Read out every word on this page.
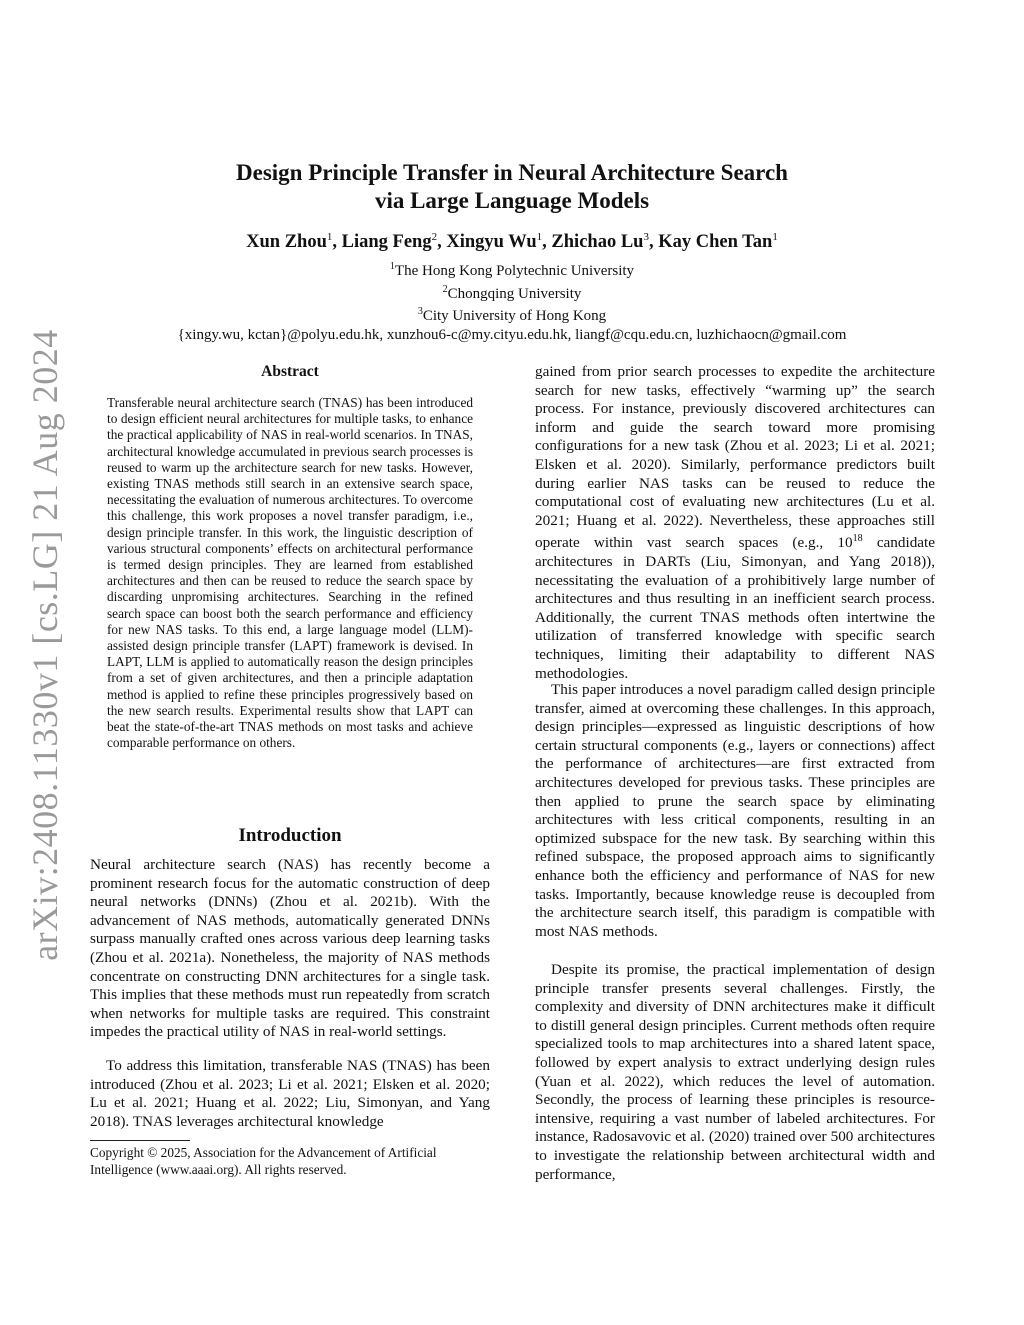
arXiv:2408.11330v1 [cs.LG] 21 Aug 2024
Design Principle Transfer in Neural Architecture Search
via Large Language Models
Xun Zhou$^1$, Liang Feng$^2$, Xingyu Wu$^1$, Zhichao Lu$^3$, Kay Chen Tan$^1$
$^1$The Hong Kong Polytechnic University
$^2$Chongqing University
$^3$City University of Hong Kong
{xingy.wu, kctan}@polyu.edu.hk, xunzhou6-c@my.cityu.edu.hk, liangf@cqu.edu.cn, luzhichaocn@gmail.com
Abstract

Transferable neural architecture search (TNAS) has been introduced to design efficient neural architectures for multiple tasks, to enhance the practical applicability of NAS in real-world scenarios. In TNAS, architectural knowledge accumulated in previous search processes is reused to warm up the architecture search for new tasks. However, existing TNAS methods still search in an extensive search space, necessitating the evaluation of numerous architectures. To overcome this challenge, this work proposes a novel transfer paradigm, i.e., design principle transfer. In this work, the linguistic description of various structural components’ effects on architectural performance is termed design principles. They are learned from established architectures and then can be reused to reduce the search space by discarding unpromising architectures. Searching in the refined search space can boost both the search performance and efficiency for new NAS tasks. To this end, a large language model (LLM)-assisted design principle transfer (LAPT) framework is devised. In LAPT, LLM is applied to automatically reason the design principles from a set of given architectures, and then a principle adaptation method is applied to refine these principles progressively based on the new search results. Experimental results show that LAPT can beat the state-of-the-art TNAS methods on most tasks and achieve comparable performance on others.

Introduction

Neural architecture search (NAS) has recently become a prominent research focus for the automatic construction of deep neural networks (DNNs) (Zhou et al. 2021b). With the advancement of NAS methods, automatically generated DNNs surpass manually crafted ones across various deep learning tasks (Zhou et al. 2021a). Nonetheless, the majority of NAS methods concentrate on constructing DNN architectures for a single task. This implies that these methods must run repeatedly from scratch when networks for multiple tasks are required. This constraint impedes the practical utility of NAS in real-world settings.

To address this limitation, transferable NAS (TNAS) has been introduced (Zhou et al. 2023; Li et al. 2021; Elsken et al. 2020; Lu et al. 2021; Huang et al. 2022; Liu, Simonyan, and Yang 2018). TNAS leverages architectural knowledge

Copyright © 2025, Association for the Advancement of Artificial Intelligence (www.aaai.org). All rights reserved.

gained from prior search processes to expedite the architecture search for new tasks, effectively “warming up” the search process. For instance, previously discovered architectures can inform and guide the search toward more promising configurations for a new task (Zhou et al. 2023; Li et al. 2021; Elsken et al. 2020). Similarly, performance predictors built during earlier NAS tasks can be reused to reduce the computational cost of evaluating new architectures (Lu et al. 2021; Huang et al. 2022). Nevertheless, these approaches still operate within vast search spaces (e.g., $10^{18}$ candidate architectures in DARTs (Liu, Simonyan, and Yang 2018)), necessitating the evaluation of a prohibitively large number of architectures and thus resulting in an inefficient search process. Additionally, the current TNAS methods often intertwine the utilization of transferred knowledge with specific search techniques, limiting their adaptability to different NAS methodologies.

This paper introduces a novel paradigm called design principle transfer, aimed at overcoming these challenges. In this approach, design principles—expressed as linguistic descriptions of how certain structural components (e.g., layers or connections) affect the performance of architectures—are first extracted from architectures developed for previous tasks. These principles are then applied to prune the search space by eliminating architectures with less critical components, resulting in an optimized subspace for the new task. By searching within this refined subspace, the proposed approach aims to significantly enhance both the efficiency and performance of NAS for new tasks. Importantly, because knowledge reuse is decoupled from the architecture search itself, this paradigm is compatible with most NAS methods.

Despite its promise, the practical implementation of design principle transfer presents several challenges. Firstly, the complexity and diversity of DNN architectures make it difficult to distill general design principles. Current methods often require specialized tools to map architectures into a shared latent space, followed by expert analysis to extract underlying design rules (Yuan et al. 2022), which reduces the level of automation. Secondly, the process of learning these principles is resource-intensive, requiring a vast number of labeled architectures. For instance, Radosavovic et al. (2020) trained over 500 architectures to investigate the relationship between architectural width and performance,
